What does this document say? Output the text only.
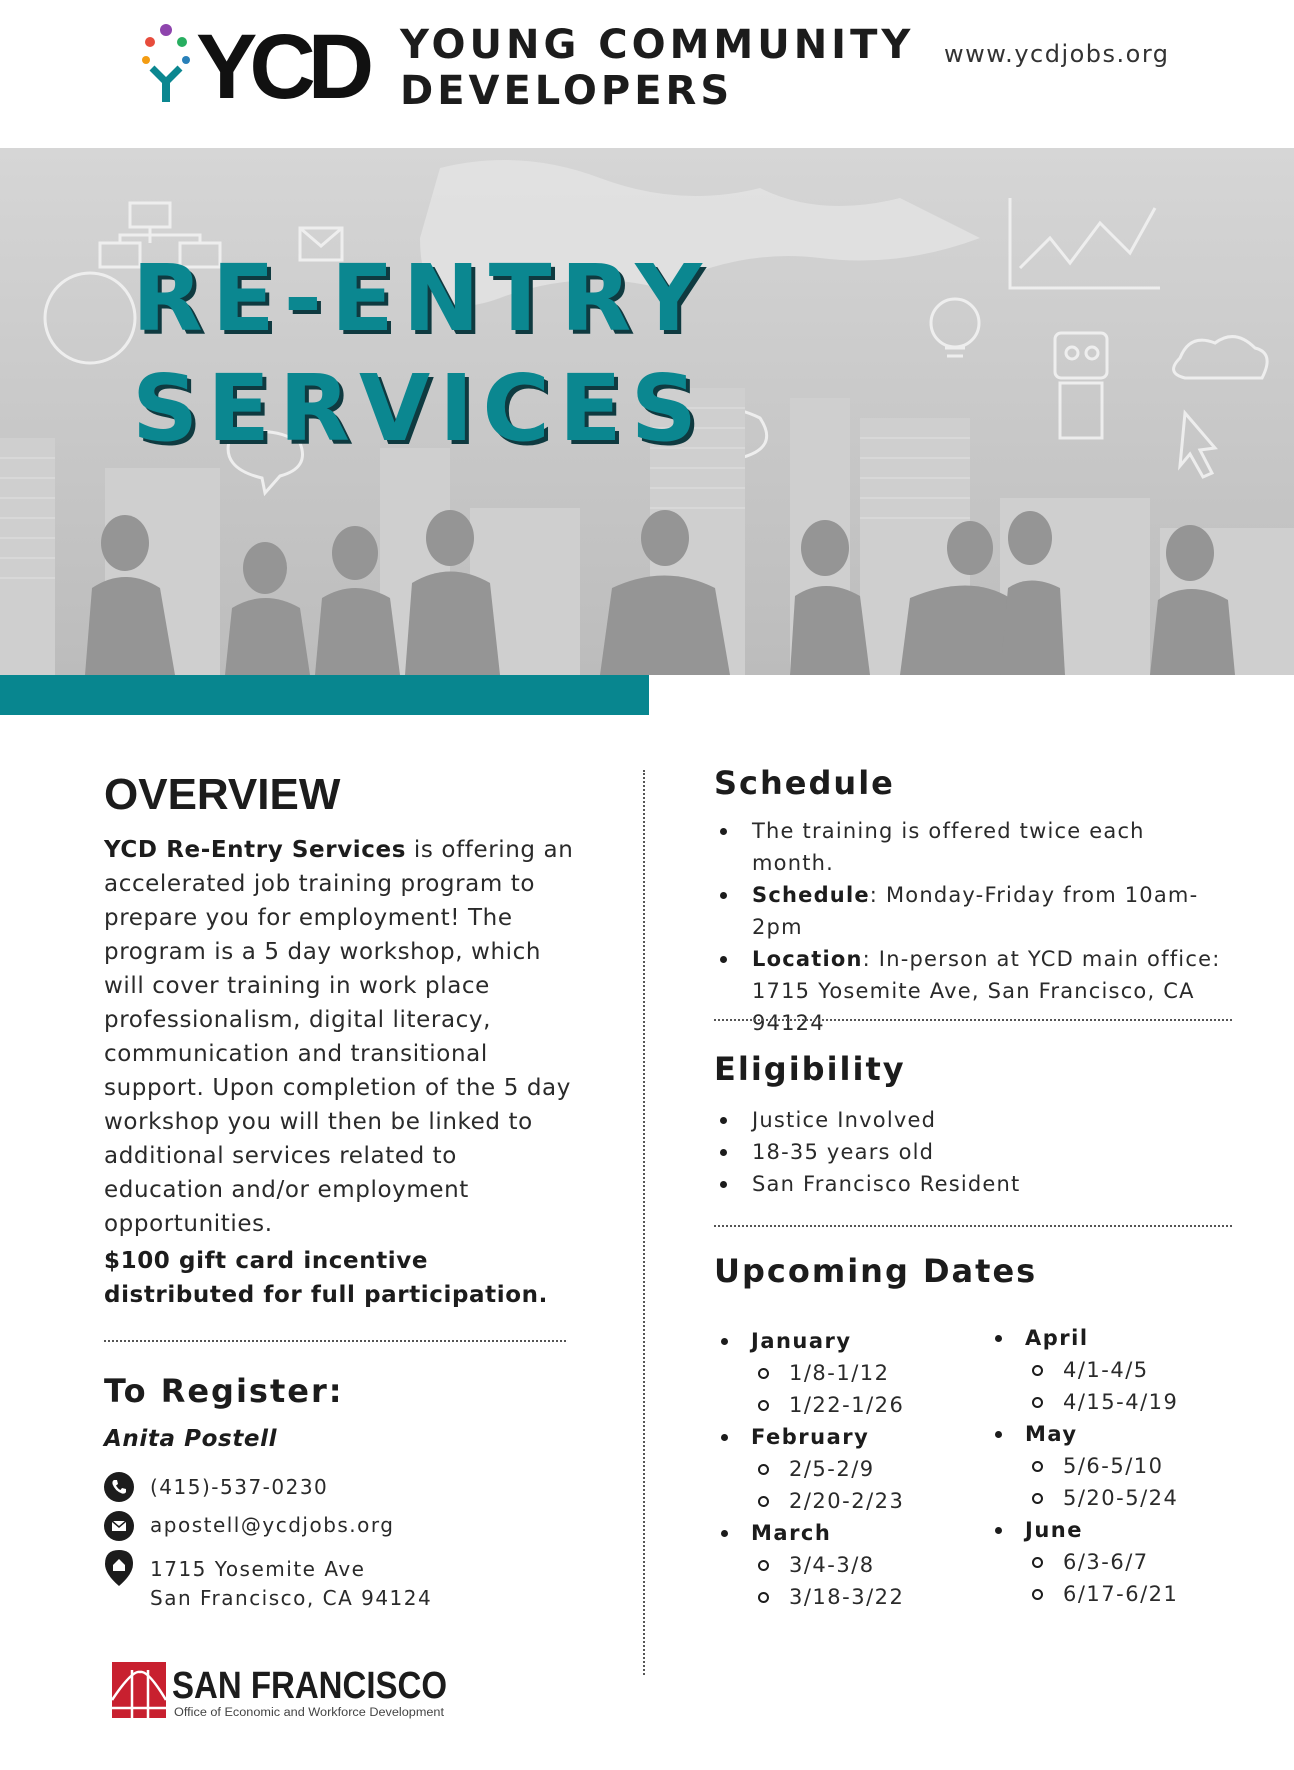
YCD YOUNG COMMUNITY
DEVELOPERS
www.ycdjobs.org
RE-ENTRY
SERVICES
OVERVIEW

YCD Re-Entry Services is offering an accelerated job training program to prepare you for employment! The program is a 5 day workshop, which will cover training in work place professionalism, digital literacy, communication and transitional support. Upon completion of the 5 day workshop you will then be linked to additional services related to education and/or employment opportunities.

$100 gift card incentive distributed for full participation.

To Register:
Anita Postell
(415)-537-0230
apostell@ycdjobs.org
1715 Yosemite Ave
San Francisco, CA 94124
SAN FRANCISCO
Office of Economic and Workforce Development
Schedule
The training is offered twice each month.
Schedule: Monday-Friday from 10am-2pm
Location: In-person at YCD main office: 1715 Yosemite Ave, San Francisco, CA 94124
Eligibility
Justice Involved
18-35 years old
San Francisco Resident
Upcoming Dates
January
1/8-1/12
1/22-1/26
February
2/5-2/9
2/20-2/23
March
3/4-3/8
3/18-3/22
April
4/1-4/5
4/15-4/19
May
5/6-5/10
5/20-5/24
June
6/3-6/7
6/17-6/21
